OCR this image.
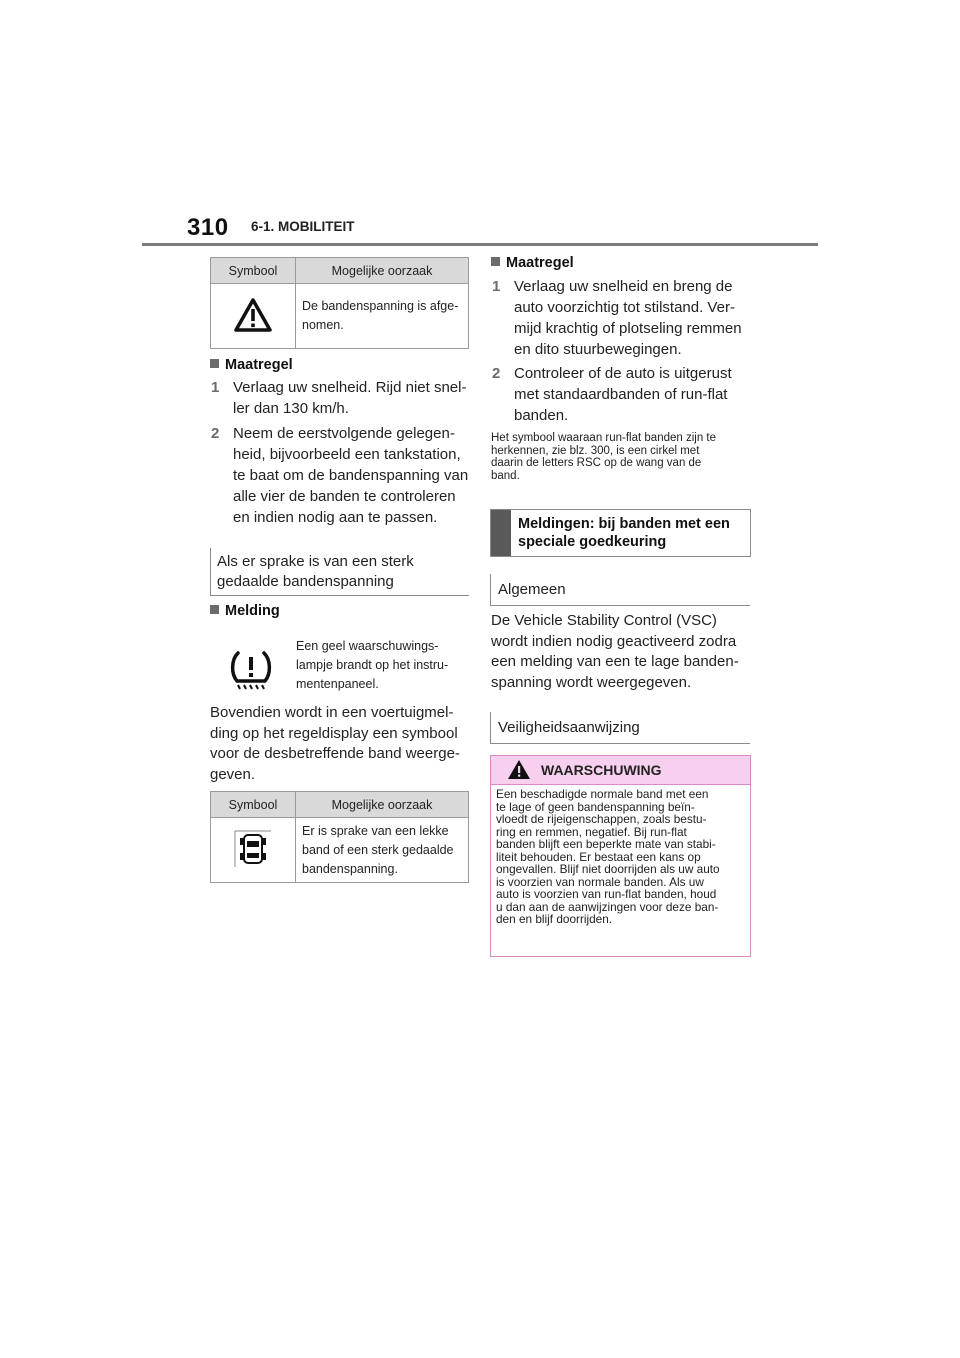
310 6-1. MOBILITEIT
Symbool	Mogelijke oorzaak

De bandenspanning is afge-nomen.
Maatregel
1 Verlaag uw snelheid. Rijd niet snel-
ler dan 130 km/h.
2 Neem de eerstvolgende gelegen-
heid, bijvoorbeeld een tankstation,
te baat om de bandenspanning van
alle vier de banden te controleren
en indien nodig aan te passen.
Als er sprake is van een sterk
gedaalde bandenspanning
Melding
Een geel waarschuwings-
lampje brandt op het instru-
mentenpaneel.
Bovendien wordt in een voertuigmel-
ding op het regeldisplay een symbool
voor de desbetreffende band weerge-
geven.
Symbool	Mogelijke oorzaak

Er is sprake van een lekke
band of een sterk gedaalde
bandenspanning.
Maatregel
1 Verlaag uw snelheid en breng de
auto voorzichtig tot stilstand. Ver-
mijd krachtig of plotseling remmen
en dito stuurbewegingen.
2 Controleer of de auto is uitgerust
met standaardbanden of run-flat
banden.
Het symbool waaraan run-flat banden zijn te
herkennen, zie blz. 300, is een cirkel met
daarin de letters RSC op de wang van de
band.
Meldingen: bij banden met een
speciale goedkeuring
Algemeen
De Vehicle Stability Control (VSC)
wordt indien nodig geactiveerd zodra
een melding van een te lage banden-
spanning wordt weergegeven.
Veiligheidsaanwijzing
WAARSCHUWING
Een beschadigde normale band met een
te lage of geen bandenspanning beïn-
vloedt de rijeigenschappen, zoals bestu-
ring en remmen, negatief. Bij run-flat
banden blijft een beperkte mate van stabi-
liteit behouden. Er bestaat een kans op
ongevallen. Blijf niet doorrijden als uw auto
is voorzien van normale banden. Als uw
auto is voorzien van run-flat banden, houd
u dan aan de aanwijzingen voor deze ban-
den en blijf doorrijden.
